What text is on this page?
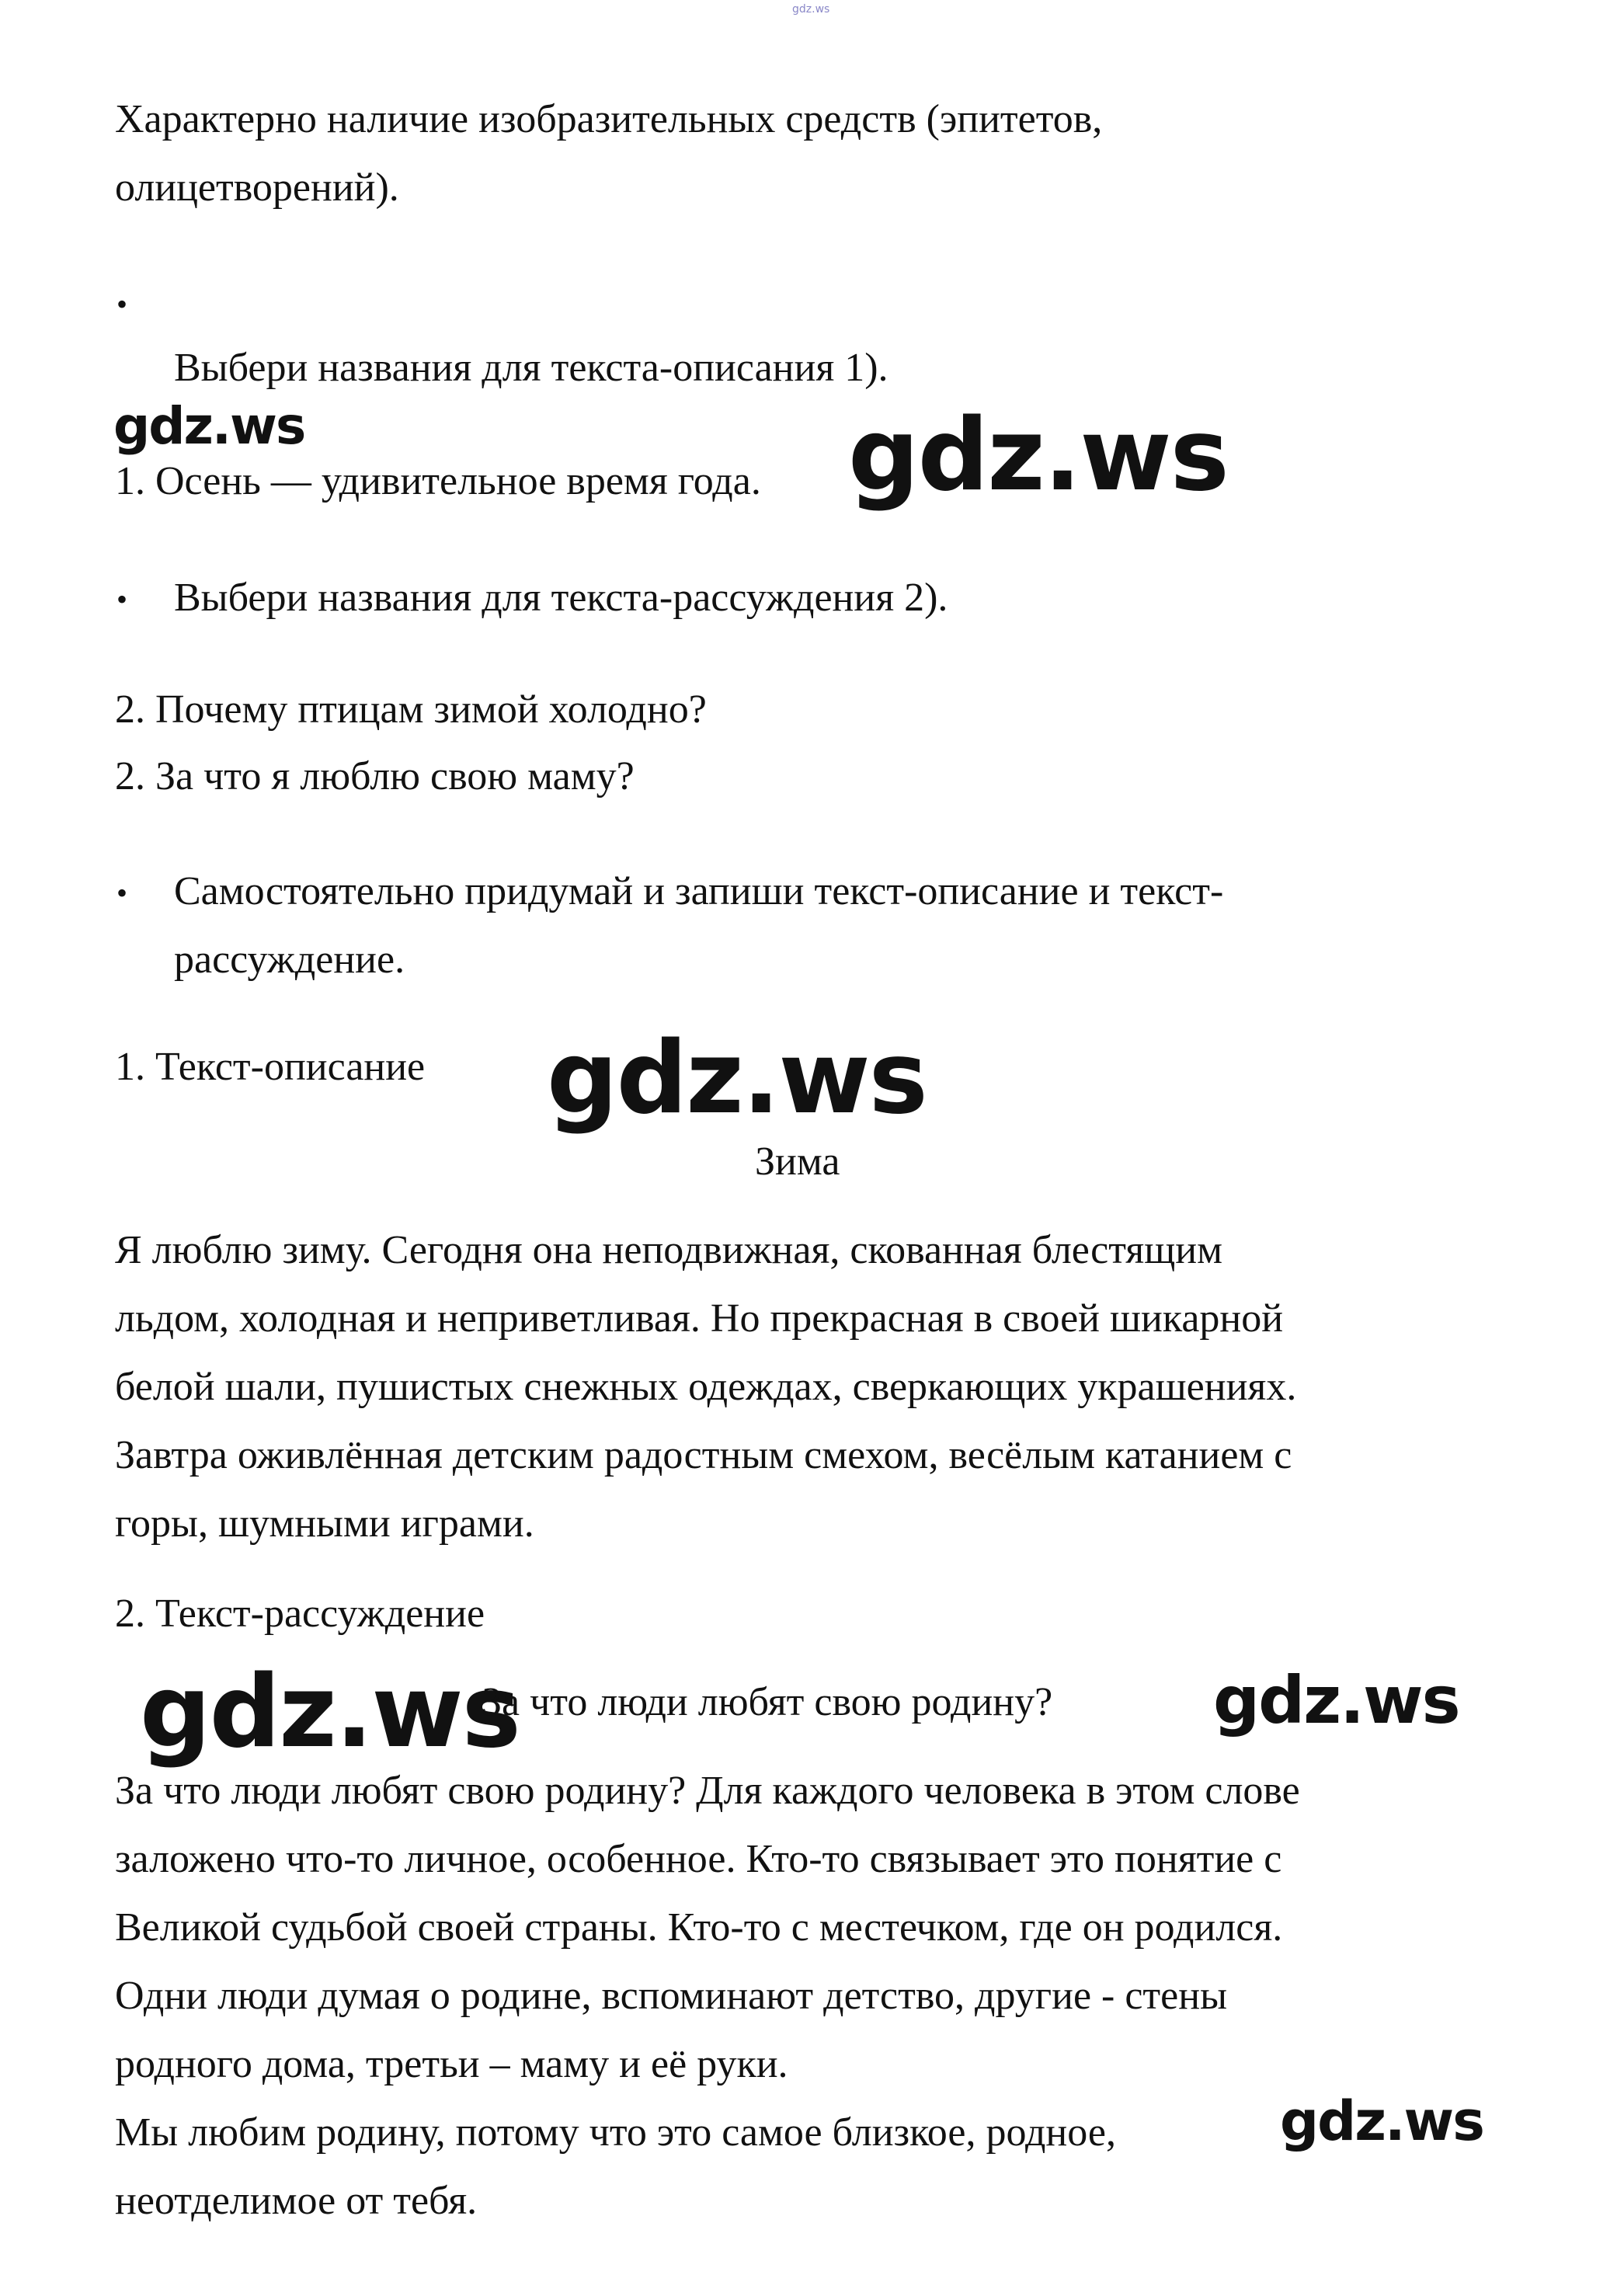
gdz.ws
Характерно наличие изобразительных средств (эпитетов,
олицетворений).
•
Выбери названия для текста-описания 1).
gdz.ws
1. Осень — удивительное время года. gdz.ws
• Выбери названия для текста-рассуждения 2).
2. Почему птицам зимой холодно?
2. За что я люблю свою маму?
• Самостоятельно придумай и запиши текст-описание и текст-
рассуждение.
1. Текст-описание gdz.ws
Зима
Я люблю зиму. Сегодня она неподвижная, скованная блестящим
льдом, холодная и неприветливая. Но прекрасная в своей шикарной
белой шали, пушистых снежных одеждах, сверкающих украшениях.
Завтра оживлённая детским радостным смехом, весёлым катанием с
горы, шумными играми.
2. Текст-рассуждение
gdz.ws
За что люди любят свою родину? gdz.ws
За что люди любят свою родину? Для каждого человека в этом слове
заложено что-то личное, особенное. Кто-то связывает это понятие с
Великой судьбой своей страны. Кто-то с местечком, где он родился.
Одни люди думая о родине, вспоминают детство, другие - стены
родного дома, третьи – маму и её руки.
Мы любим родину, потому что это самое близкое, родное,
неотделимое от тебя.
gdz.ws
